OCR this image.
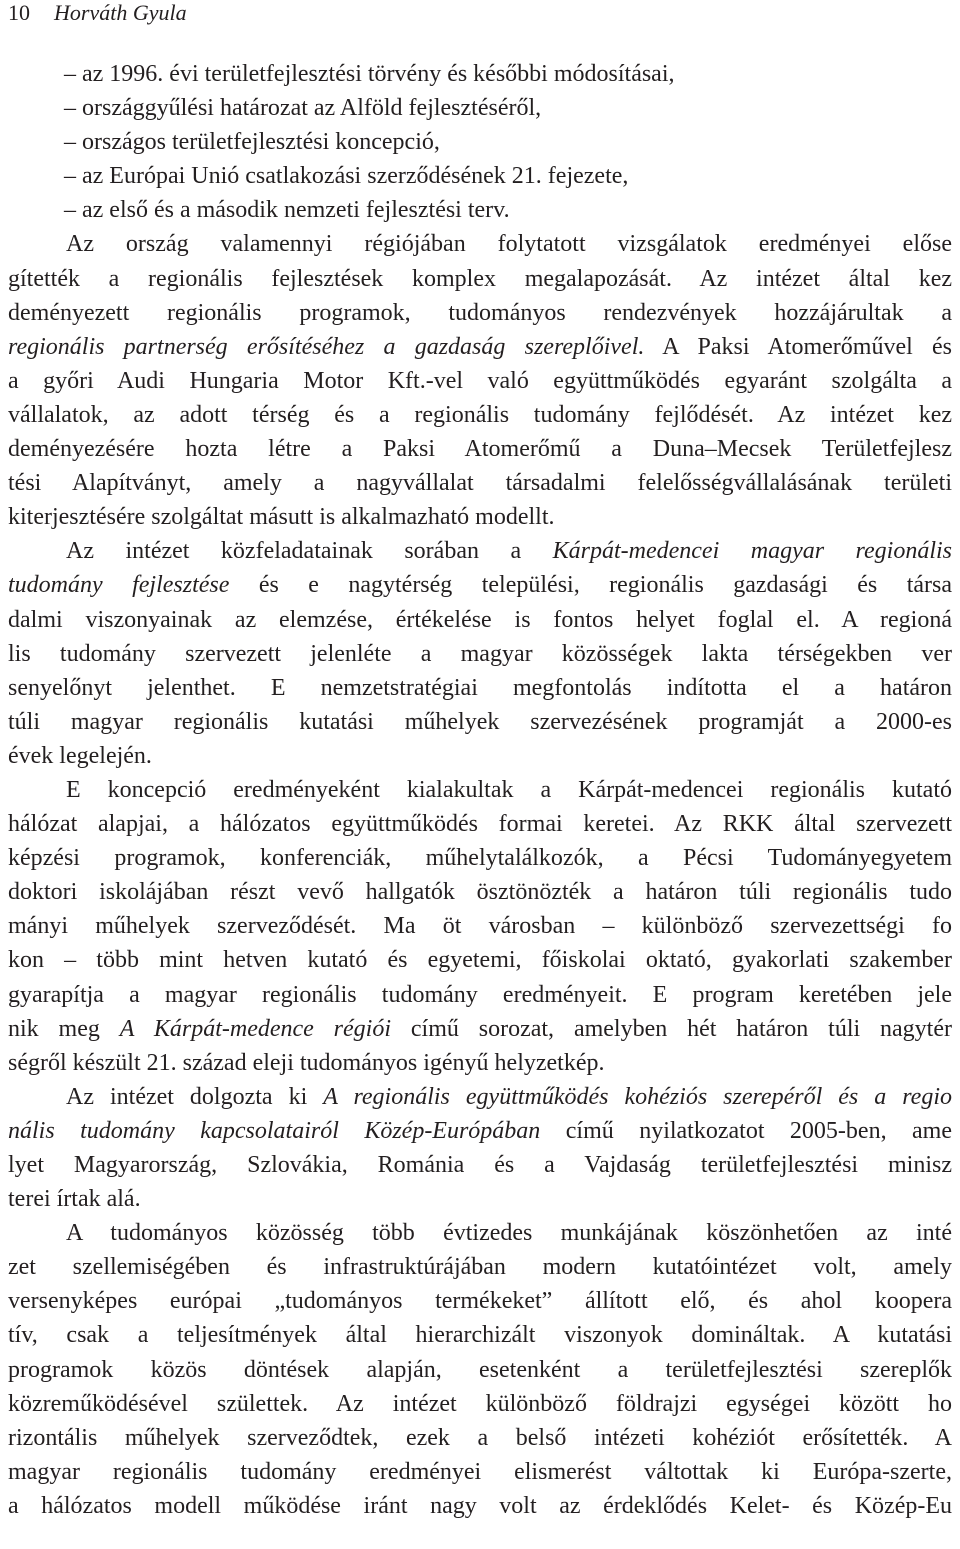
10 Horváth Gyula
– az 1996. évi területfejlesztési törvény és későbbi módosításai,
– országgyűlési határozat az Alföld fejlesztéséről,
– országos területfejlesztési koncepció,
– az Európai Unió csatlakozási szerződésének 21. fejezete,
– az első és a második nemzeti fejlesztési terv.
Az ország valamennyi régiójában folytatott vizsgálatok eredményei előse
gítették a regionális fejlesztések komplex megalapozását. Az intézet által kez
deményezett regionális programok, tudományos rendezvények hozzájárultak a
regionális partnerség erősítéséhez a gazdaság szereplőivel. A Paksi Atomerőművel és
a győri Audi Hungaria Motor Kft.-vel való együttműködés egyaránt szolgálta a
vállalatok, az adott térség és a regionális tudomány fejlődését. Az intézet kez
deményezésére hozta létre a Paksi Atomerőmű a Duna–Mecsek Területfejlesz
tési Alapítványt, amely a nagyvállalat társadalmi felelősségvállalásának területi
kiterjesztésére szolgáltat másutt is alkalmazható modellt.
Az intézet közfeladatainak sorában a Kárpát-medencei magyar regionális
tudomány fejlesztése és e nagytérség települési, regionális gazdasági és társa
dalmi viszonyainak az elemzése, értékelése is fontos helyet foglal el. A regioná
lis tudomány szervezett jelenléte a magyar közösségek lakta térségekben ver
senyelőnyt jelenthet. E nemzetstratégiai megfontolás indította el a határon
túli magyar regionális kutatási műhelyek szervezésének programját a 2000-es
évek legelején.
E koncepció eredményeként kialakultak a Kárpát-medencei regionális kutató
hálózat alapjai, a hálózatos együttműködés formai keretei. Az RKK által szervezett
képzési programok, konferenciák, műhelytalálkozók, a Pécsi Tudományegyetem
doktori iskolájában részt vevő hallgatók ösztönözték a határon túli regionális tudo
mányi műhelyek szerveződését. Ma öt városban – különböző szervezettségi fo
kon – több mint hetven kutató és egyetemi, főiskolai oktató, gyakorlati szakember
gyarapítja a magyar regionális tudomány eredményeit. E program keretében jele
nik meg A Kárpát-medence régiói című sorozat, amelyben hét határon túli nagytér
ségről készült 21. század eleji tudományos igényű helyzetkép.
Az intézet dolgozta ki A regionális együttműködés kohéziós szerepéről és a regio
nális tudomány kapcsolatairól Közép-Európában című nyilatkozatot 2005-ben, ame
lyet Magyarország, Szlovákia, Románia és a Vajdaság területfejlesztési minisz
terei írtak alá.
A tudományos közösség több évtizedes munkájának köszönhetően az inté
zet szellemiségében és infrastruktúrájában modern kutatóintézet volt, amely
versenyképes európai „tudományos termékeket” állított elő, és ahol koopera
tív, csak a teljesítmények által hierarchizált viszonyok domináltak. A kutatási
programok közös döntések alapján, esetenként a területfejlesztési szereplők
közreműködésével születtek. Az intézet különböző földrajzi egységei között ho
rizontális műhelyek szerveződtek, ezek a belső intézeti kohéziót erősítették. A
magyar regionális tudomány eredményei elismerést váltottak ki Európa-szerte,
a hálózatos modell működése iránt nagy volt az érdeklődés Kelet- és Közép-Eu
